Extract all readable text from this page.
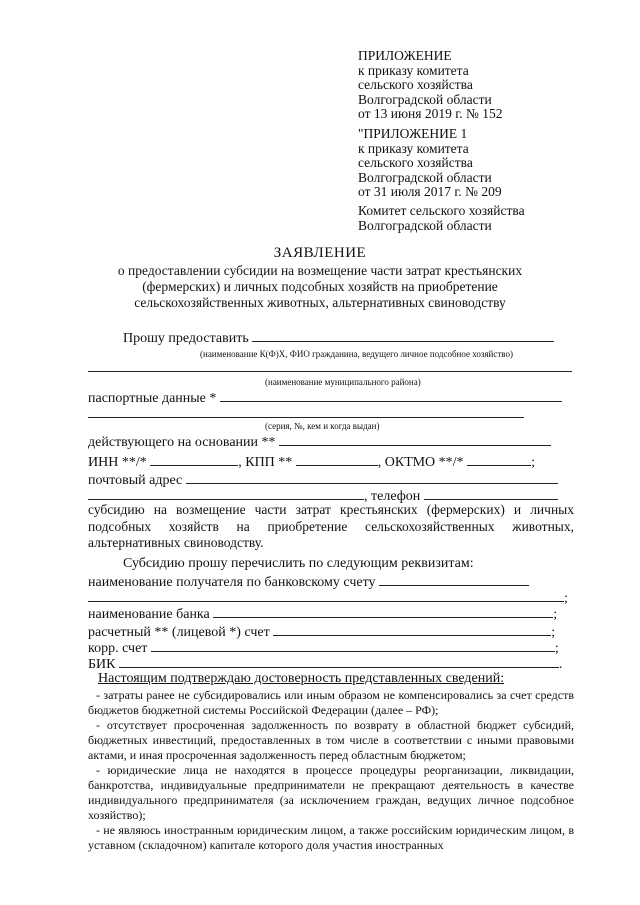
ПРИЛОЖЕНИЕ
к приказу комитета
сельского хозяйства
Волгоградской области
от 13 июня 2019 г. № 152
"ПРИЛОЖЕНИЕ 1
к приказу комитета
сельского хозяйства
Волгоградской области
от 31 июля 2017 г. № 209
Комитет сельского хозяйства
Волгоградской области
ЗАЯВЛЕНИЕ
о предоставлении субсидии на возмещение части затрат крестьянских
(фермерских) и личных подсобных хозяйств на приобретение
сельскохозяйственных животных, альтернативных свиноводству
Прошу предоставить
(наименование К(Ф)Х, ФИО гражданина, ведущего личное подсобное хозяйство)
(наименование муниципального района)
паспортные данные *
(серия, №, кем и когда выдан)
действующего на основании **
ИНН **/*	, КПП **	, ОКТМО **/*	;
почтовый адрес
, телефон
субсидию на возмещение части затрат крестьянских (фермерских) и личных подсобных хозяйств на приобретение сельскохозяйственных животных, альтернативных свиноводству.
Субсидию прошу перечислить по следующим реквизитам:
наименование получателя по банковскому счету
;
наименование банка	;
расчетный ** (лицевой *) счет	;
корр. счет	;
БИК	.
Настоящим подтверждаю достоверность представленных сведений:

- затраты ранее не субсидировались или иным образом не компенсировались за счет средств бюджетов бюджетной системы Российской Федерации (далее – РФ);

- отсутствует просроченная задолженность по возврату в областной бюджет субсидий, бюджетных инвестиций, предоставленных в том числе в соответствии с иными правовыми актами, и иная просроченная задолженность перед областным бюджетом;

- юридические лица не находятся в процессе процедуры реорганизации, ликвидации, банкротства, индивидуальные предприниматели не прекращают деятельность в качестве индивидуального предпринимателя (за исключением граждан, ведущих личное подсобное хозяйство);

- не являюсь иностранным юридическим лицом, а также российским юридическим лицом, в уставном (складочном) капитале которого доля участия иностранных
